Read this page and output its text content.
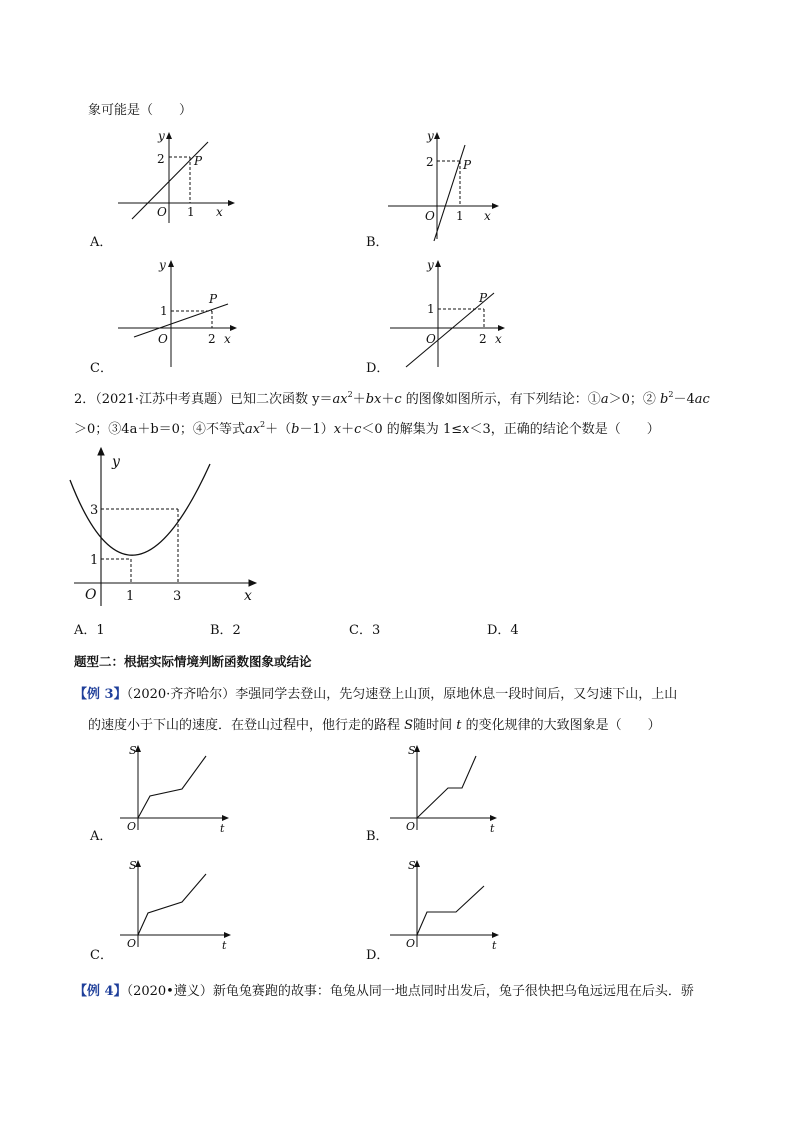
象可能是（　　）
2 P
O 1 x
y
A．
2 P
O 1 x
y
B．
1
P
O	2 x
y
C．
1
P
O	2 x
y
D．
2．（2021·江苏中考真题）已知二次函数 $y=ax^2+bx+c$ 的图像如图所示，有下列结论：①a＞0；② $b^2-4ac$
＞0；③4a＋b＝0；④不等式$ax^2+(b-1)x+c<0$ 的解集为 1≤x＜3，正确的结论个数是（　　）
y
x
O 1	3
1
3
A．1	B．2	C．3	D．4
题型二：根据实际情境判断函数图象或结论
【例 3】（2020·齐齐哈尔）李强同学去登山，先匀速登上山顶，原地休息一段时间后，又匀速下山，上山
的速度小于下山的速度．在登山过程中，他行走的路程 S随时间 t 的变化规律的大致图象是（　　）
S
t
O
A．
S
t
O
B．
S
t
O
C．
S
t
O
D．
【例 4】（2020•遵义）新龟兔赛跑的故事：龟兔从同一地点同时出发后，兔子很快把乌龟远远甩在后头．骄
